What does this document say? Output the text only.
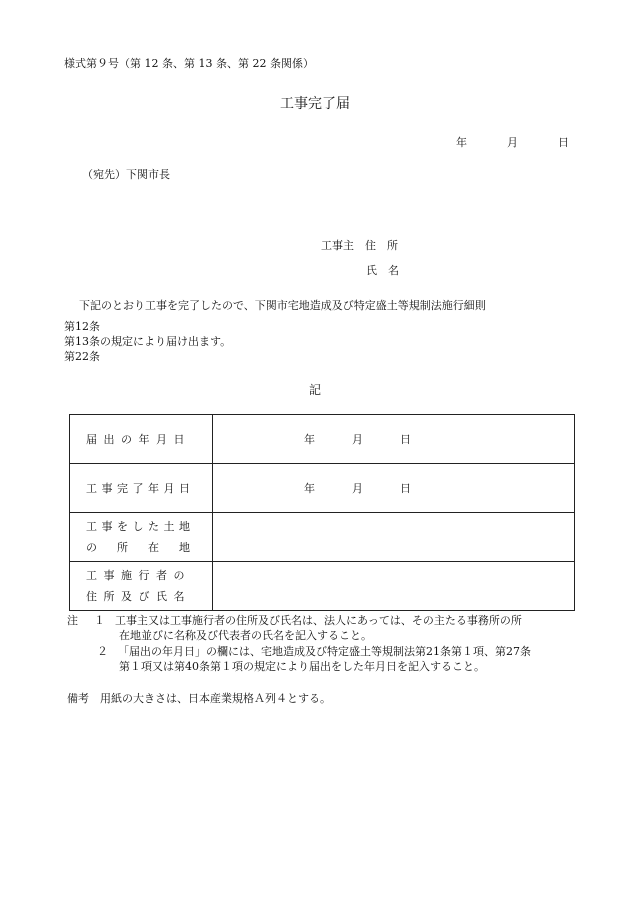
様式第９号（第 12 条、第 13 条、第 22 条関係）
工事完了届
年	月	日
（宛先）下関市長
工事主　住　所
氏　名
下記のとおり工事を完了したので、下関市宅地造成及び特定盛土等規制法施行細則
第12条
第13条の規定により届け出ます。
第22条
記
届出の年月日	年 月 日

工事完了年月日	年 月 日

工事をした土地
の　所　在　地	

工事施行者の
住所及び氏名	

注 １ 工事主又は工事施行者の住所及び氏名は、法人にあっては、その主たる事務所の所
在地並びに名称及び代表者の氏名を記入すること。
２ 「届出の年月日」の欄には、宅地造成及び特定盛土等規制法第21条第１項、第27条
第１項又は第40条第１項の規定により届出をした年月日を記入すること。
備考　用紙の大きさは、日本産業規格Ａ列４とする。
